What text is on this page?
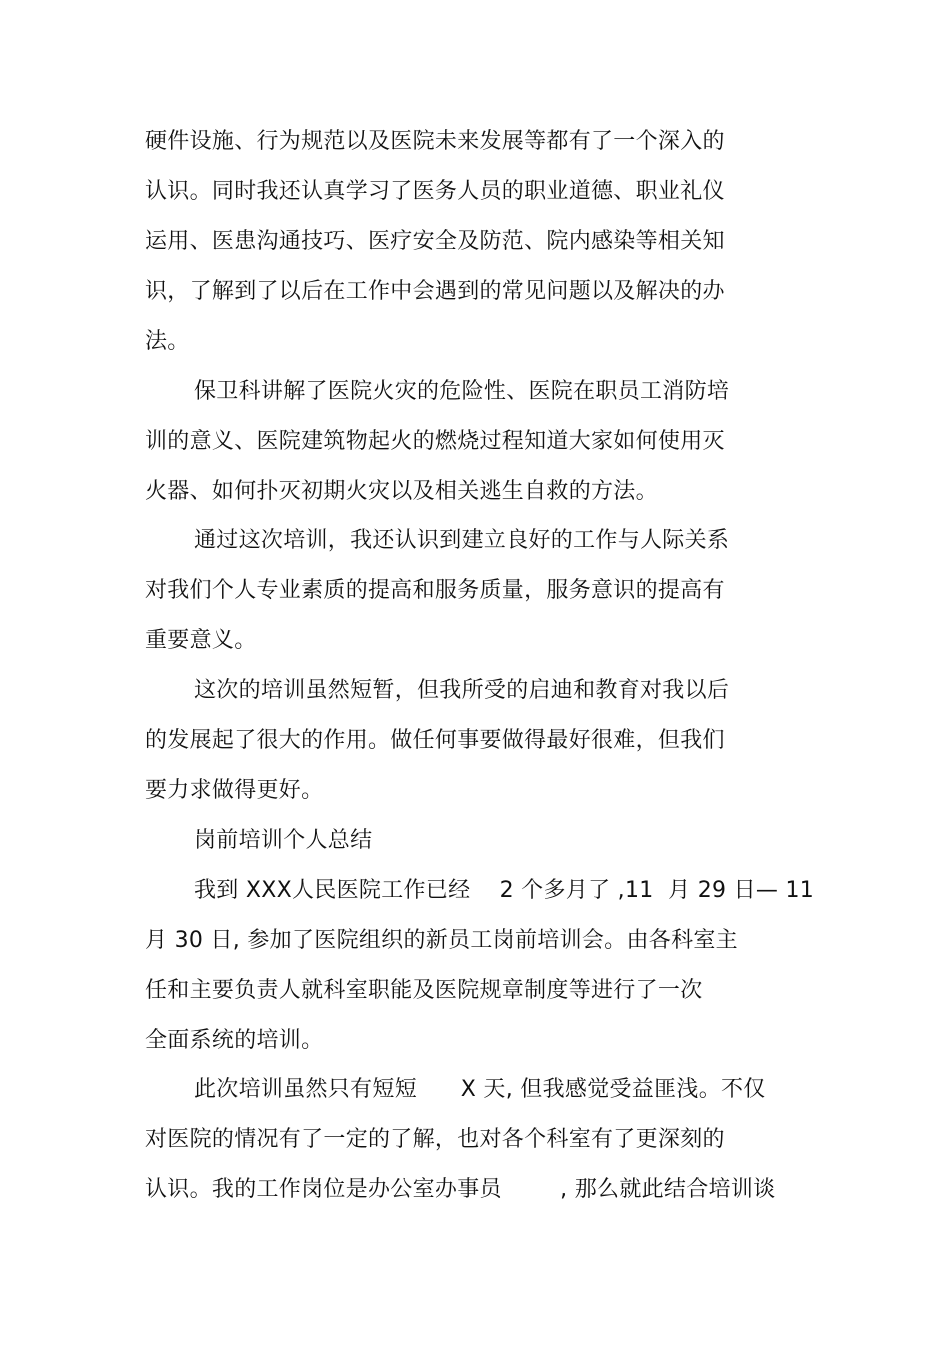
硬件设施、行为规范以及医院未来发展等都有了一个深入的
认识。同时我还认真学习了医务人员的职业道德、职业礼仪
运用、医患沟通技巧、医疗安全及防范、院内感染等相关知
识，了解到了以后在工作中会遇到的常见问题以及解决的办
法。
保卫科讲解了医院火灾的危险性、医院在职员工消防培
训的意义、医院建筑物起火的燃烧过程知道大家如何使用灭
火器、如何扑灭初期火灾以及相关逃生自救的方法。
通过这次培训，我还认识到建立良好的工作与人际关系
对我们个人专业素质的提高和服务质量，服务意识的提高有
重要意义。
这次的培训虽然短暂，但我所受的启迪和教育对我以后
的发展起了很大的作用。做任何事要做得最好很难，但我们
要力求做得更好。
岗前培训个人总结
我到 XXX人民医院工作已经    2 个多月了 ,11  月 29 日— 11
月 30 日, 参加了医院组织的新员工岗前培训会。由各科室主
任和主要负责人就科室职能及医院规章制度等进行了一次
全面系统的培训。
此次培训虽然只有短短      X 天, 但我感觉受益匪浅。不仅
对医院的情况有了一定的了解，也对各个科室有了更深刻的
认识。我的工作岗位是办公室办事员        , 那么就此结合培训谈
